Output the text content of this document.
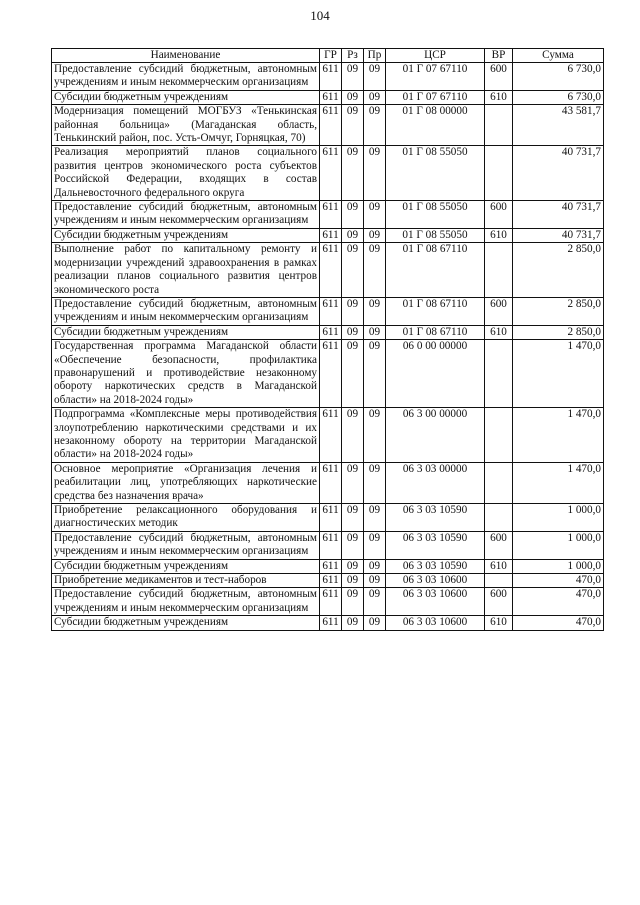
104
Наименование	ГР	Рз	Пр	ЦСР	ВР	Сумма
Предоставление субсидий бюджетным, автономным учреждениям и иным некоммерческим организациям	611	09	09	01 Г 07 67110	600	6 730,0
Субсидии бюджетным учреждениям	611	09	09	01 Г 07 67110	610	6 730,0
Модернизация помещений МОГБУЗ «Тенькинская районная больница» (Магаданская область, Тенькинский район, пос. Усть-Омчуг, Горняцкая, 70)	611	09	09	01 Г 08 00000		43 581,7
Реализация мероприятий планов социального развития центров экономического роста субъектов Российской Федерации, входящих в состав Дальневосточного федерального округа	611	09	09	01 Г 08 55050		40 731,7
Предоставление субсидий бюджетным, автономным учреждениям и иным некоммерческим организациям	611	09	09	01 Г 08 55050	600	40 731,7
Субсидии бюджетным учреждениям	611	09	09	01 Г 08 55050	610	40 731,7
Выполнение работ по капитальному ремонту и модернизации учреждений здравоохранения в рамках реализации планов социального развития центров экономического роста	611	09	09	01 Г 08 67110		2 850,0
Предоставление субсидий бюджетным, автономным учреждениям и иным некоммерческим организациям	611	09	09	01 Г 08 67110	600	2 850,0
Субсидии бюджетным учреждениям	611	09	09	01 Г 08 67110	610	2 850,0
Государственная программа Магаданской области «Обеспечение безопасности, профилактика правонарушений и противодействие незаконному обороту наркотических средств в Магаданской области» на 2018-2024 годы»	611	09	09	06 0 00 00000		1 470,0
Подпрограмма «Комплексные меры противодействия злоупотреблению наркотическими средствами и их незаконному обороту на территории Магаданской области» на 2018-2024 годы»	611	09	09	06 3 00 00000		1 470,0
Основное мероприятие «Организация лечения и реабилитации лиц, употребляющих наркотические средства без назначения врача»	611	09	09	06 3 03 00000		1 470,0
Приобретение релаксационного оборудования и диагностических методик	611	09	09	06 3 03 10590		1 000,0
Предоставление субсидий бюджетным, автономным учреждениям и иным некоммерческим организациям	611	09	09	06 3 03 10590	600	1 000,0
Субсидии бюджетным учреждениям	611	09	09	06 3 03 10590	610	1 000,0
Приобретение медикаментов и тест-наборов	611	09	09	06 3 03 10600		470,0
Предоставление субсидий бюджетным, автономным учреждениям и иным некоммерческим организациям	611	09	09	06 3 03 10600	600	470,0
Субсидии бюджетным учреждениям	611	09	09	06 3 03 10600	610	470,0
